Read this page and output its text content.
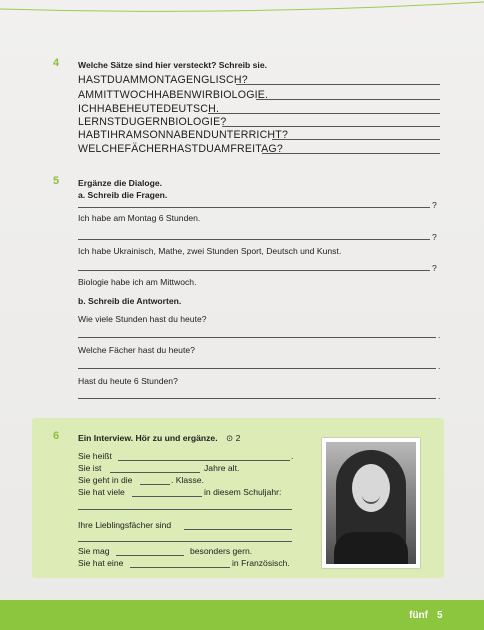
4 Welche Sätze sind hier versteckt? Schreib sie.
HASTDUAMMONTAGENGLISCH?
AMMITTWOCHHABENWIRBIOLOGIE.
ICHHABEHEUTEDEUTSCH.
LERNSTDUGERNBIOLOGIE?
HABTIHRAMSONNABENDUNTERRICHT?
WELCHEFÄCHERHASTDUAMFREITAG?
5 Ergänze die Dialoge.
a. Schreib die Fragen.
?
Ich habe am Montag 6 Stunden.
?
Ich habe Ukrainisch, Mathe, zwei Stunden Sport, Deutsch und Kunst.
?
Biologie habe ich am Mittwoch.
b. Schreib die Antworten.
Wie viele Stunden hast du heute?
.
Welche Fächer hast du heute?
.
Hast du heute 6 Stunden?
.
6 Ein Interview. Hör zu und ergänze. ⊙ 2
Sie heißt	.
Sie ist	Jahre alt.
Sie geht in die	. Klasse.
Sie hat viele	in diesem Schuljahr:
Ihre Lieblingsfächer sind
Sie mag	besonders gern.
Sie hat eine	in Französisch.
fünf 5
